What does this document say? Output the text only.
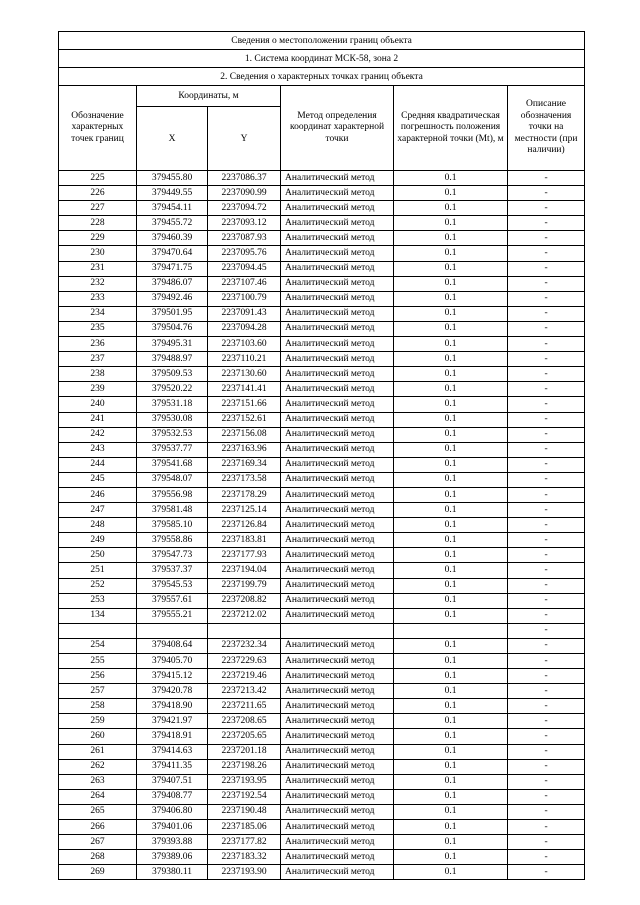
Сведения о местоположении границ объекта					
1. Система координат МСК-58, зона 2					
2. Сведения о характерных точках границ объекта					
Обозначение характерных точек границ	Координаты, м		Метод определения координат характерной точки	Средняя квадратическая погрешность положения характерной точки (Mt), м	Описание обозначения точки на местности (при наличии)
	X	Y			
225	379455.80	2237086.37	Аналитический метод	0.1	-
226	379449.55	2237090.99	Аналитический метод	0.1	-
227	379454.11	2237094.72	Аналитический метод	0.1	-
228	379455.72	2237093.12	Аналитический метод	0.1	-
229	379460.39	2237087.93	Аналитический метод	0.1	-
230	379470.64	2237095.76	Аналитический метод	0.1	-
231	379471.75	2237094.45	Аналитический метод	0.1	-
232	379486.07	2237107.46	Аналитический метод	0.1	-
233	379492.46	2237100.79	Аналитический метод	0.1	-
234	379501.95	2237091.43	Аналитический метод	0.1	-
235	379504.76	2237094.28	Аналитический метод	0.1	-
236	379495.31	2237103.60	Аналитический метод	0.1	-
237	379488.97	2237110.21	Аналитический метод	0.1	-
238	379509.53	2237130.60	Аналитический метод	0.1	-
239	379520.22	2237141.41	Аналитический метод	0.1	-
240	379531.18	2237151.66	Аналитический метод	0.1	-
241	379530.08	2237152.61	Аналитический метод	0.1	-
242	379532.53	2237156.08	Аналитический метод	0.1	-
243	379537.77	2237163.96	Аналитический метод	0.1	-
244	379541.68	2237169.34	Аналитический метод	0.1	-
245	379548.07	2237173.58	Аналитический метод	0.1	-
246	379556.98	2237178.29	Аналитический метод	0.1	-
247	379581.48	2237125.14	Аналитический метод	0.1	-
248	379585.10	2237126.84	Аналитический метод	0.1	-
249	379558.86	2237183.81	Аналитический метод	0.1	-
250	379547.73	2237177.93	Аналитический метод	0.1	-
251	379537.37	2237194.04	Аналитический метод	0.1	-
252	379545.53	2237199.79	Аналитический метод	0.1	-
253	379557.61	2237208.82	Аналитический метод	0.1	-
134	379555.21	2237212.02	Аналитический метод	0.1	-
					-
254	379408.64	2237232.34	Аналитический метод	0.1	-
255	379405.70	2237229.63	Аналитический метод	0.1	-
256	379415.12	2237219.46	Аналитический метод	0.1	-
257	379420.78	2237213.42	Аналитический метод	0.1	-
258	379418.90	2237211.65	Аналитический метод	0.1	-
259	379421.97	2237208.65	Аналитический метод	0.1	-
260	379418.91	2237205.65	Аналитический метод	0.1	-
261	379414.63	2237201.18	Аналитический метод	0.1	-
262	379411.35	2237198.26	Аналитический метод	0.1	-
263	379407.51	2237193.95	Аналитический метод	0.1	-
264	379408.77	2237192.54	Аналитический метод	0.1	-
265	379406.80	2237190.48	Аналитический метод	0.1	-
266	379401.06	2237185.06	Аналитический метод	0.1	-
267	379393.88	2237177.82	Аналитический метод	0.1	-
268	379389.06	2237183.32	Аналитический метод	0.1	-
269	379380.11	2237193.90	Аналитический метод	0.1	-
